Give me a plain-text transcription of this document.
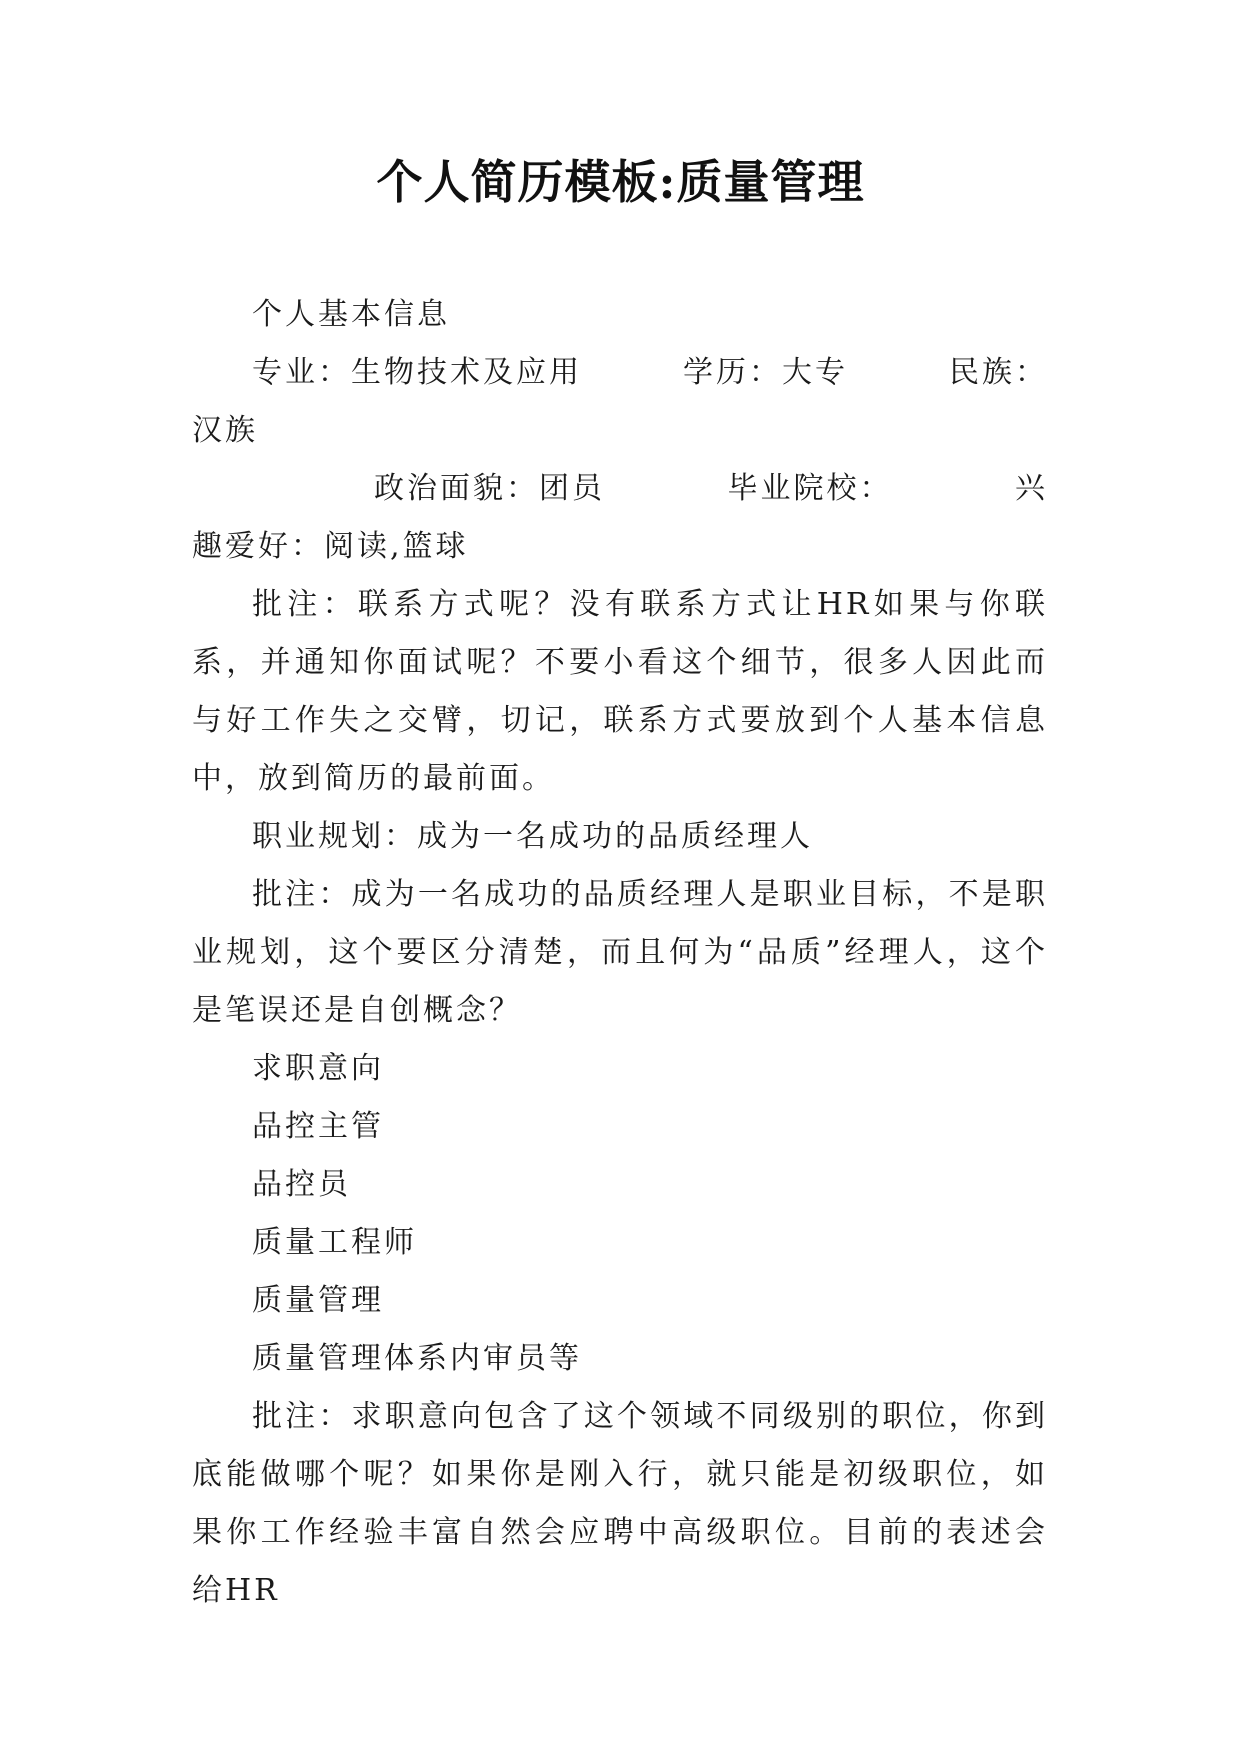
个人简历模板:质量管理

个人基本信息

专业：生物技术及应用	学历：大专	民族：

汉族

政治面貌：团员	毕业院校：	兴

趣爱好：阅读,篮球

批注：联系方式呢？没有联系方式让HR如果与你联系，并通知你面试呢？不要小看这个细节，很多人因此而与好工作失之交臂，切记，联系方式要放到个人基本信息中，放到简历的最前面。

职业规划：成为一名成功的品质经理人

批注：成为一名成功的品质经理人是职业目标，不是职业规划，这个要区分清楚，而且何为“品质”经理人，这个是笔误还是自创概念？

求职意向

品控主管

品控员

质量工程师

质量管理

质量管理体系内审员等

批注：求职意向包含了这个领域不同级别的职位，你到底能做哪个呢？如果你是刚入行，就只能是初级职位，如果你工作经验丰富自然会应聘中高级职位。目前的表述会给HR
